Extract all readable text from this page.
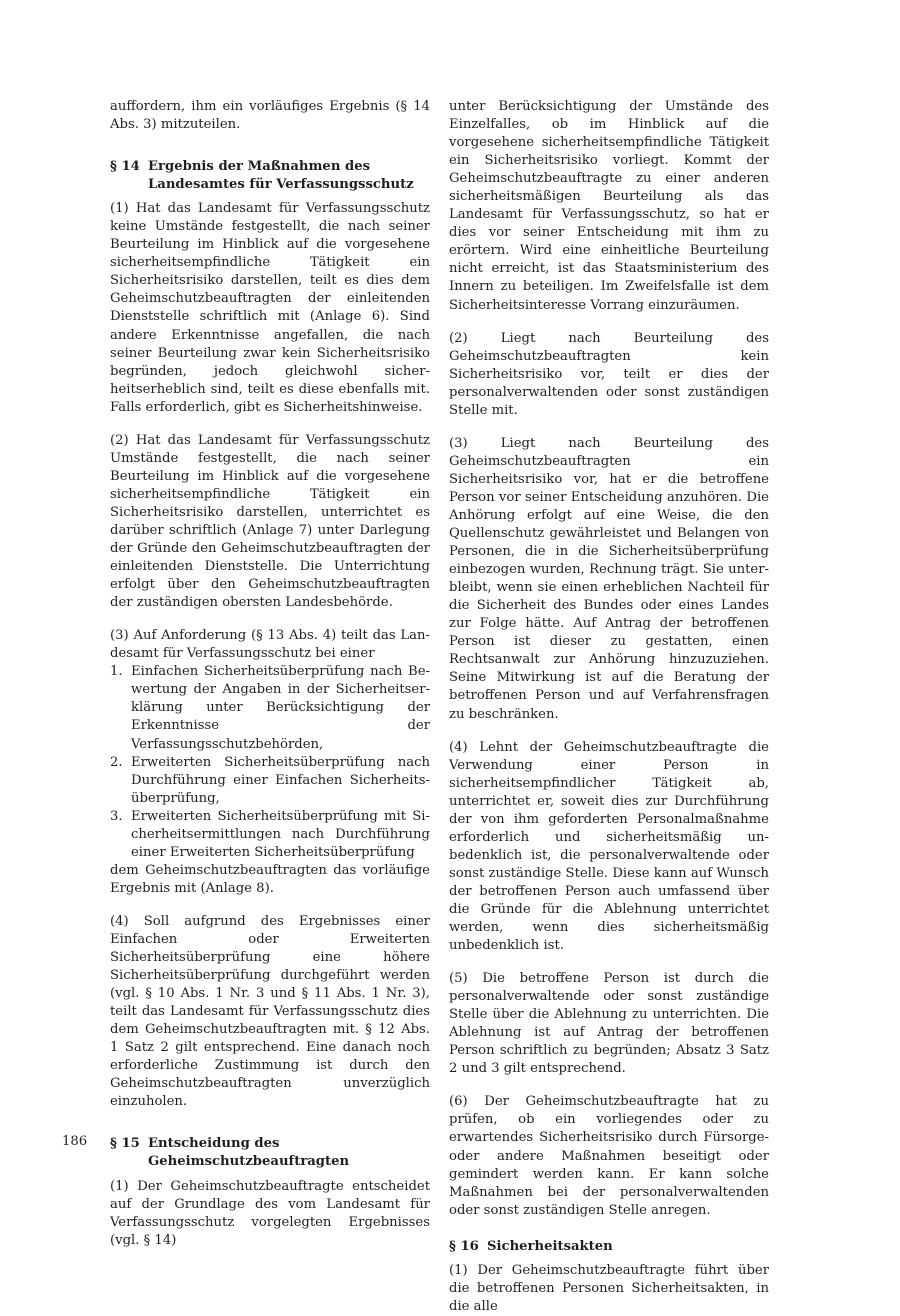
auffordern, ihm ein vorläufiges Ergebnis (§ 14 Abs. 3) mitzuteilen.

§ 14 Ergebnis der Maßnahmen des Landesamtes für Verfassungsschutz

(1) Hat das Landesamt für Verfassungsschutz keine Umstände festgestellt, die nach seiner Beurteilung im Hinblick auf die vorgesehene sicherheitsempfindliche Tätigkeit ein Sicherheitsrisiko darstellen, teilt es dies dem Geheimschutzbeauftragten der einleitenden Dienststelle schriftlich mit (Anlage 6). Sind andere Erkenntnisse angefallen, die nach seiner Beurteilung zwar kein Sicherheitsrisiko begründen, jedoch gleichwohl sicherheitserheblich sind, teilt es diese ebenfalls mit. Falls erforderlich, gibt es Sicherheitshinweise.

(2) Hat das Landesamt für Verfassungsschutz Umstände festgestellt, die nach seiner Beurteilung im Hinblick auf die vorgesehene sicherheitsempfindliche Tätigkeit ein Sicherheitsrisiko darstellen, unterrichtet es darüber schriftlich (Anlage 7) unter Darlegung der Gründe den Geheimschutzbeauftragten der einleitenden Dienststelle. Die Unterrichtung erfolgt über den Geheimschutzbeauftragten der zuständigen obersten Landesbehörde.

(3) Auf Anforderung (§ 13 Abs. 4) teilt das Landesamt für Verfassungsschutz bei einer

1. Einfachen Sicherheitsüberprüfung nach Bewertung der Angaben in der Sicherheitserklärung unter Berücksichtigung der Erkenntnisse der Verfassungsschutzbehörden,
2. Erweiterten Sicherheitsüberprüfung nach Durchführung einer Einfachen Sicherheitsüberprüfung,
3. Erweiterten Sicherheitsüberprüfung mit Sicherheitsermittlungen nach Durchführung einer Erweiterten Sicherheitsüberprüfung

dem Geheimschutzbeauftragten das vorläufige Ergebnis mit (Anlage 8).

(4) Soll aufgrund des Ergebnisses einer Einfachen oder Erweiterten Sicherheitsüberprüfung eine höhere Sicherheitsüberprüfung durchgeführt werden (vgl. § 10 Abs. 1 Nr. 3 und § 11 Abs. 1 Nr. 3), teilt das Landesamt für Verfassungsschutz dies dem Geheimschutzbeauftragten mit. § 12 Abs. 1 Satz 2 gilt entsprechend. Eine danach noch erforderliche Zustimmung ist durch den Geheimschutzbeauftragten unverzüglich einzuholen.

§ 15 Entscheidung des Geheimschutzbeauftragten

(1) Der Geheimschutzbeauftragte entscheidet auf der Grundlage des vom Landesamt für Verfassungsschutz vorgelegten Ergebnisses (vgl. § 14)

unter Berücksichtigung der Umstände des Einzelfalles, ob im Hinblick auf die vorgesehene sicherheitsempfindliche Tätigkeit ein Sicherheitsrisiko vorliegt. Kommt der Geheimschutzbeauftragte zu einer anderen sicherheitsmäßigen Beurteilung als das Landesamt für Verfassungsschutz, so hat er dies vor seiner Entscheidung mit ihm zu erörtern. Wird eine einheitliche Beurteilung nicht erreicht, ist das Staatsministerium des Innern zu beteiligen. Im Zweifelsfalle ist dem Sicherheitsinteresse Vorrang einzuräumen.

(2) Liegt nach Beurteilung des Geheimschutzbeauftragten kein Sicherheitsrisiko vor, teilt er dies der personalverwaltenden oder sonst zuständigen Stelle mit.

(3) Liegt nach Beurteilung des Geheimschutzbeauftragten ein Sicherheitsrisiko vor, hat er die betroffene Person vor seiner Entscheidung anzuhören. Die Anhörung erfolgt auf eine Weise, die den Quellenschutz gewährleistet und Belangen von Personen, die in die Sicherheitsüberprüfung einbezogen wurden, Rechnung trägt. Sie unterbleibt, wenn sie einen erheblichen Nachteil für die Sicherheit des Bundes oder eines Landes zur Folge hätte. Auf Antrag der betroffenen Person ist dieser zu gestatten, einen Rechtsanwalt zur Anhörung hinzuzuziehen. Seine Mitwirkung ist auf die Beratung der betroffenen Person und auf Verfahrensfragen zu beschränken.

(4) Lehnt der Geheimschutzbeauftragte die Verwendung einer Person in sicherheitsempfindlicher Tätigkeit ab, unterrichtet er, soweit dies zur Durchführung der von ihm geforderten Personalmaßnahme erforderlich und sicherheitsmäßig unbedenklich ist, die personalverwaltende oder sonst zuständige Stelle. Diese kann auf Wunsch der betroffenen Person auch umfassend über die Gründe für die Ablehnung unterrichtet werden, wenn dies sicherheitsmäßig unbedenklich ist.

(5) Die betroffene Person ist durch die personalverwaltende oder sonst zuständige Stelle über die Ablehnung zu unterrichten. Die Ablehnung ist auf Antrag der betroffenen Person schriftlich zu begründen; Absatz 3 Satz 2 und 3 gilt entsprechend.

(6) Der Geheimschutzbeauftragte hat zu prüfen, ob ein vorliegendes oder zu erwartendes Sicherheitsrisiko durch Fürsorge- oder andere Maßnahmen beseitigt oder gemindert werden kann. Er kann solche Maßnahmen bei der personalverwaltenden oder sonst zuständigen Stelle anregen.

§ 16 Sicherheitsakten

(1) Der Geheimschutzbeauftragte führt über die betroffenen Personen Sicherheitsakten, in die alle

186
